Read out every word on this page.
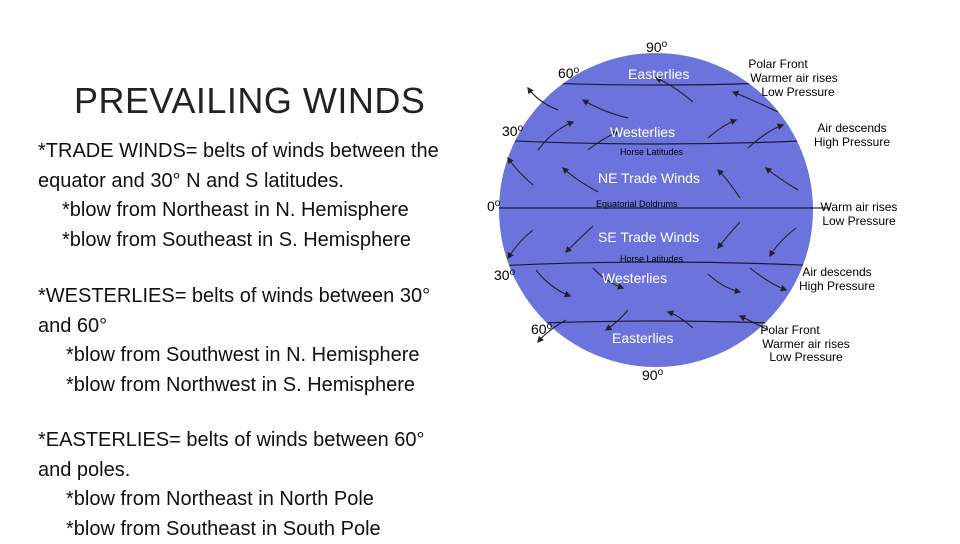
PREVAILING WINDS
*TRADE WINDS= belts of winds between the
equator and 30° N and S latitudes.
*blow from Northeast in N. Hemisphere
*blow from Southeast in S. Hemisphere
*WESTERLIES= belts of winds between 30°
and 60°
*blow from Southwest in N. Hemisphere
*blow from Northwest in S. Hemisphere
*EASTERLIES= belts of winds between 60°
and poles.
*blow from Northeast in North Pole
*blow from Southeast in South Pole
90$^o$
60$^o$
30$^o$
0$^o$
30$^o$
60$^o$
90$^o$
Easterlies
Westerlies
Horse Latitudes
NE Trade Winds
Equatorial Doldrums
SE Trade Winds
Horse Latitudes
Westerlies
Easterlies
Polar Front
Warmer air rises
Low Pressure
Air descends
High Pressure
Warm air rises
Low Pressure
Air descends
High Pressure
Polar Front
Warmer air rises
Low Pressure
